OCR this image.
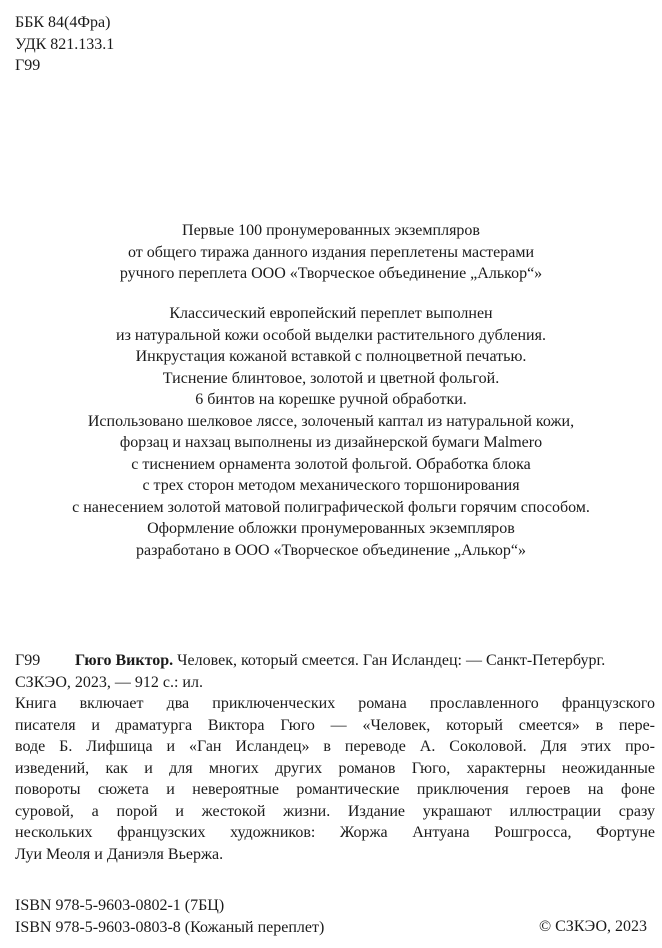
ББК 84(4Фра)
УДК 821.133.1
Г99
Первые 100 пронумерованных экземпляров
от общего тиража данного издания переплетены мастерами
ручного переплета ООО «Творческое объединение „Алькор“»
Классический европейский переплет выполнен
из натуральной кожи особой выделки растительного дубления.
Инкрустация кожаной вставкой с полноцветной печатью.
Тиснение блинтовое, золотой и цветной фольгой.
6 бинтов на корешке ручной обработки.
Использовано шелковое ляссе, золоченый каптал из натуральной кожи,
форзац и нахзац выполнены из дизайнерской бумаги Malmero
с тиснением орнамента золотой фольгой. Обработка блока
с трех сторон методом механического торшонирования
с нанесением золотой матовой полиграфической фольги горячим способом.
Оформление обложки пронумерованных экземпляров
разработано в ООО «Творческое объединение „Алькор“»
Г99 Гюго Виктор. Человек, который смеется. Ган Исландец: — Санкт-Петербург.
СЗКЭО, 2023, — 912 с.: ил.
Книга включает два приключенческих романа прославленного французского
писателя и драматурга Виктора Гюго — «Человек, который смеется» в пере-
воде Б. Лифшица и «Ган Исландец» в переводе А. Соколовой. Для этих про-
изведений, как и для многих других романов Гюго, характерны неожиданные
повороты сюжета и невероятные романтические приключения героев на фоне
суровой, а порой и жестокой жизни. Издание украшают иллюстрации сразу
нескольких французских художников: Жоржа Антуана Рошгросса, Фортуне
Луи Меоля и Даниэля Вьержа.
ISBN 978-5-9603-0802-1 (7БЦ)
ISBN 978-5-9603-0803-8 (Кожаный переплет)	© СЗКЭО, 2023
